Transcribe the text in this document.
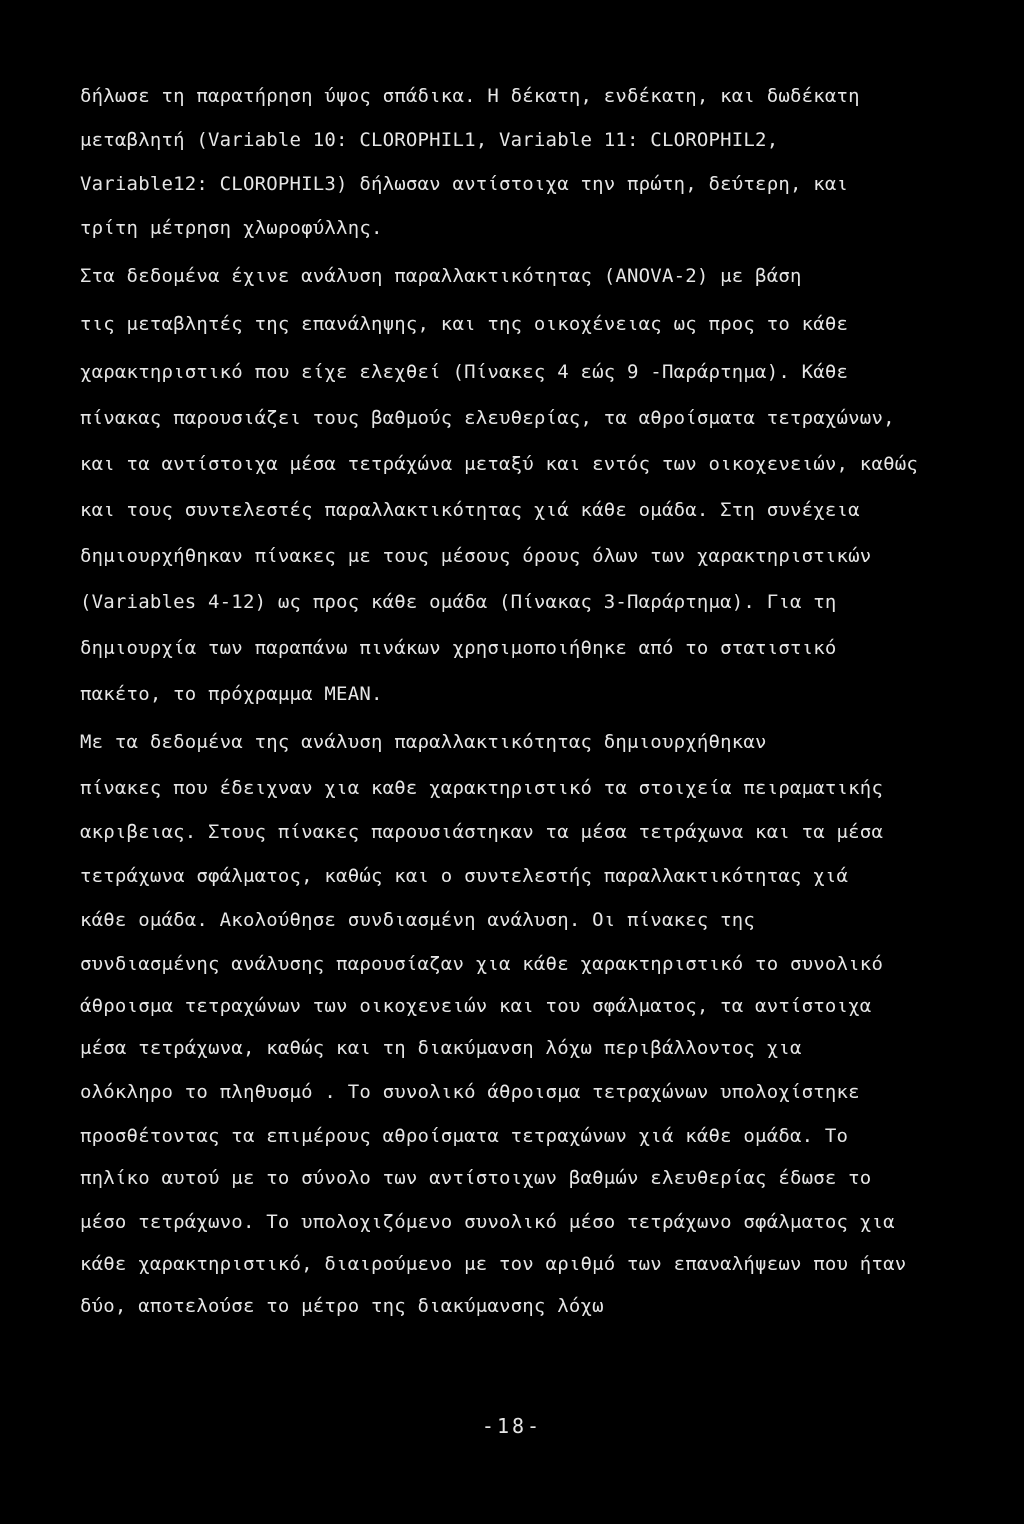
δήλωσε τη παρατήρηση ύψος σπάδικα. Η δέκατη, ενδέκατη, και δωδέκατη
μεταβλητή (Variable 10: CLOROPHIL1, Variable 11: CLOROPHIL2,
Variable12: CLOROPHIL3) δήλωσαν αντίστοιχα την πρώτη, δεύτερη, και
τρίτη μέτρηση χλωροφύλλης.
Στα δεδομένα έχινε ανάλυση παραλλακτικότητας (ANOVA-2) με βάση
τις μεταβλητές της επανάληψης, και της οικοχένειας ως προς το κάθε
χαρακτηριστικό που είχε ελεχθεί (Πίνακες 4 εώς 9 -Παράρτημα). Κάθε
πίνακας παρουσιάζει τους βαθμούς ελευθερίας, τα αθροίσματα τετραχώνων,
και τα αντίστοιχα μέσα τετράχώνα μεταξύ και εντός των οικοχενειών, καθώς
και τους συντελεστές παραλλακτικότητας χιά κάθε ομάδα. Στη συνέχεια
δημιουρχήθηκαν πίνακες με τους μέσους όρους όλων των χαρακτηριστικών
(Variables 4-12) ως προς κάθε ομάδα (Πίνακας 3-Παράρτημα). Για τη
δημιουρχία των παραπάνω πινάκων χρησιμοποιήθηκε από το στατιστικό
πακέτο, το πρόχραμμα MEAN.
Με τα δεδομένα της ανάλυση παραλλακτικότητας δημιουρχήθηκαν
πίνακες που έδειχναν χια καθε χαρακτηριστικό τα στοιχεία πειραματικής
ακριβειας. Στους πίνακες παρουσιάστηκαν τα μέσα τετράχωνα και τα μέσα
τετράχωνα σφάλματος, καθώς και ο συντελεστής παραλλακτικότητας χιά
κάθε ομάδα. Ακολούθησε συνδιασμένη ανάλυση. Οι πίνακες της
συνδιασμένης ανάλυσης παρουσίαζαν χια κάθε χαρακτηριστικό το συνολικό
άθροισμα τετραχώνων των οικοχενειών και του σφάλματος, τα αντίστοιχα
μέσα τετράχωνα, καθώς και τη διακύμανση λόχω περιβάλλοντος χια
ολόκληρο το πληθυσμό . Το συνολικό άθροισμα τετραχώνων υπολοχίστηκε
προσθέτοντας τα επιμέρους αθροίσματα τετραχώνων χιά κάθε ομάδα. Το
πηλίκο αυτού με το σύνολο των αντίστοιχων βαθμών ελευθερίας έδωσε το
μέσο τετράχωνο. Το υπολοχιζόμενο συνολικό μέσο τετράχωνο σφάλματος χια
κάθε χαρακτηριστικό, διαιρούμενο με τον αριθμό των επαναλήψεων που ήταν
δύο, αποτελούσε το μέτρο της διακύμανσης λόχω
-18-
